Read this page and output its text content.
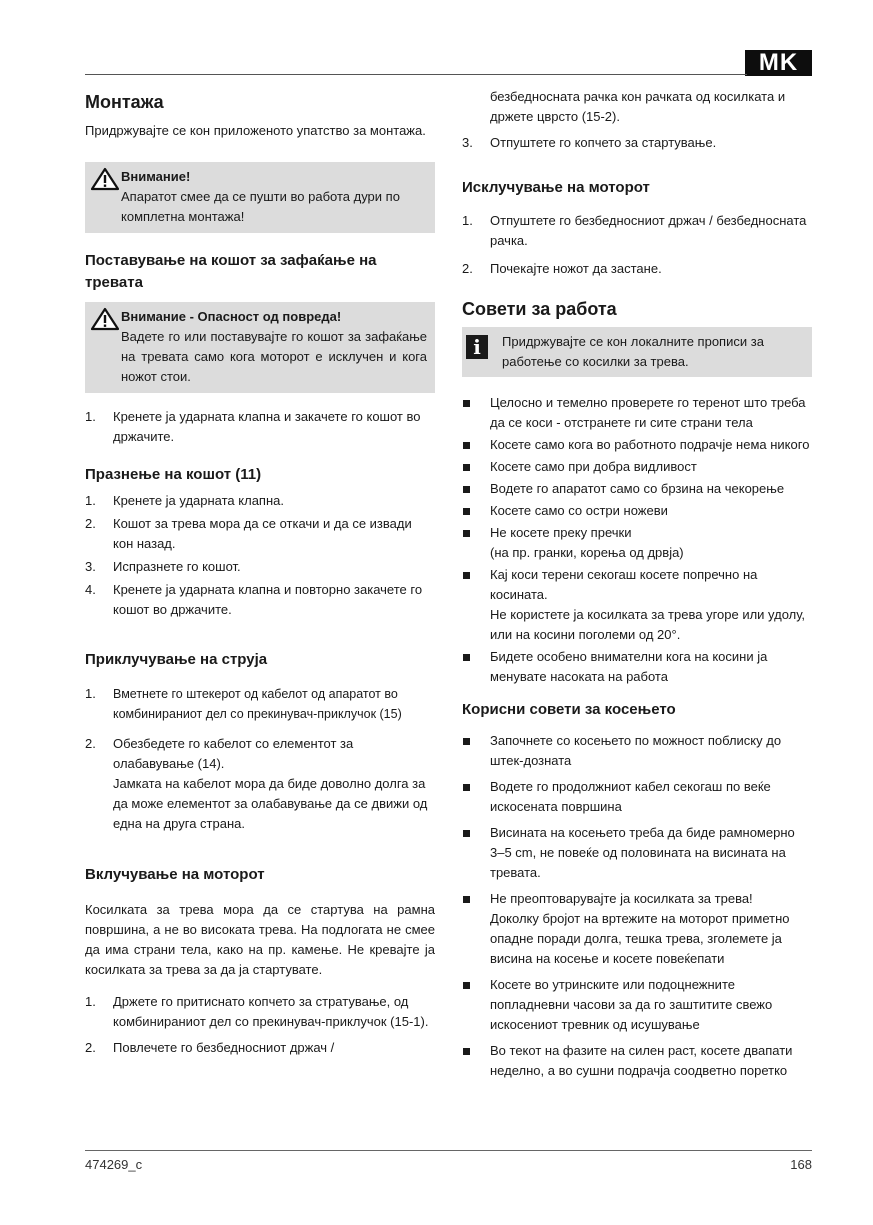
MK
Монтажа

Придржувајте се кон приложеното упатство за монтажа.

Внимание!
Апаратот смее да се пушти во работа дури по комплетна монтажа!
Поставување на кошот за зафаќање на тревата
Внимание - Опасност од повреда!
Вадете го или поставувајте го кошот за зафаќање на тревата само кога моторот е исклучен и кога ножот стои.
1.	Кренете ја ударната клапна и закачете го кошот во држачите.
Празнење на кошот (11)
1.	Кренете ја ударната клапна.
2.	Кошот за трева мора да се откачи и да се извади кон назад.
3.	Испразнете го кошот.
4.	Кренете ја ударната клапна и повторно закачете го кошот во држачите.
Приклучување на струја
1.	Вметнете го штекерот од кабелот од апаратот во комбинираниот дел со прекинувач-приклучок (15)
2.	Обезбедете го кабелот со елементот за олабавување (14).
Јамката на кабелот мора да биде доволно долга за да може елементот за олабавување да се движи од една на друга страна.
Вклучување на моторот

Косилката за трева мора да се стартува на рамна површина, а не во високата трева. На подлогата не смее да има страни тела, како на пр. камење. Не кревајте ја косилката за трева за да ја стартувате.

1.	Држете го притиснато копчето за стратување, од комбинираниот дел со прекинувач-приклучок (15-1).
2.	Повлечете го безбедносниот држач /

безбедносната рачка кон рачката од косилката и држете цврсто (15-2).

3.	Отпуштете го копчето за стартување.
Исклучување на моторот
1.	Отпуштете го безбедносниот држач / безбедносната рачка.
2.	Почекајте ножот да застане.
Совети за работа
i	Придржувајте се кон локалните прописи за работење со косилки за трева.
Целосно и темелно проверете го теренот што треба да се коси - отстранете ги сите страни тела
Косете само кога во работното подрачје нема никого
Косете само при добра видливост
Водете го апаратот само со брзина на чекорење
Косете само со остри ножеви
Не косете преку пречки
(на пр. гранки, корења од дрвја)
Кај коси терени секогаш косете попречно на косината.
Не користете ја косилката за трева угоре или удолу, или на косини поголеми од 20°.
Бидете особено внимателни кога на косини ја менувате насоката на работа
Корисни совети за косењето
Започнете со косењето по можност поблиску до штек-дозната
Водете го продолжниот кабел секогаш по веќе искосената површина
Висината на косењето треба да биде рамномерно 3–5 cm, не повеќе од половината на висината на тревата.
Не преоптоварувајте ја косилката за трева!
Доколку бројот на вртежите на моторот приметно опадне поради долга, тешка трева, зголемете ја висина на косење и косете повеќепати
Косете во утринските или подоцнежните попладневни часови за да го заштитите свежо искосениот тревник од исушување
Во текот на фазите на силен раст, косете двапати неделно, а во сушни подрачја соодветно поретко
474269_c	168
